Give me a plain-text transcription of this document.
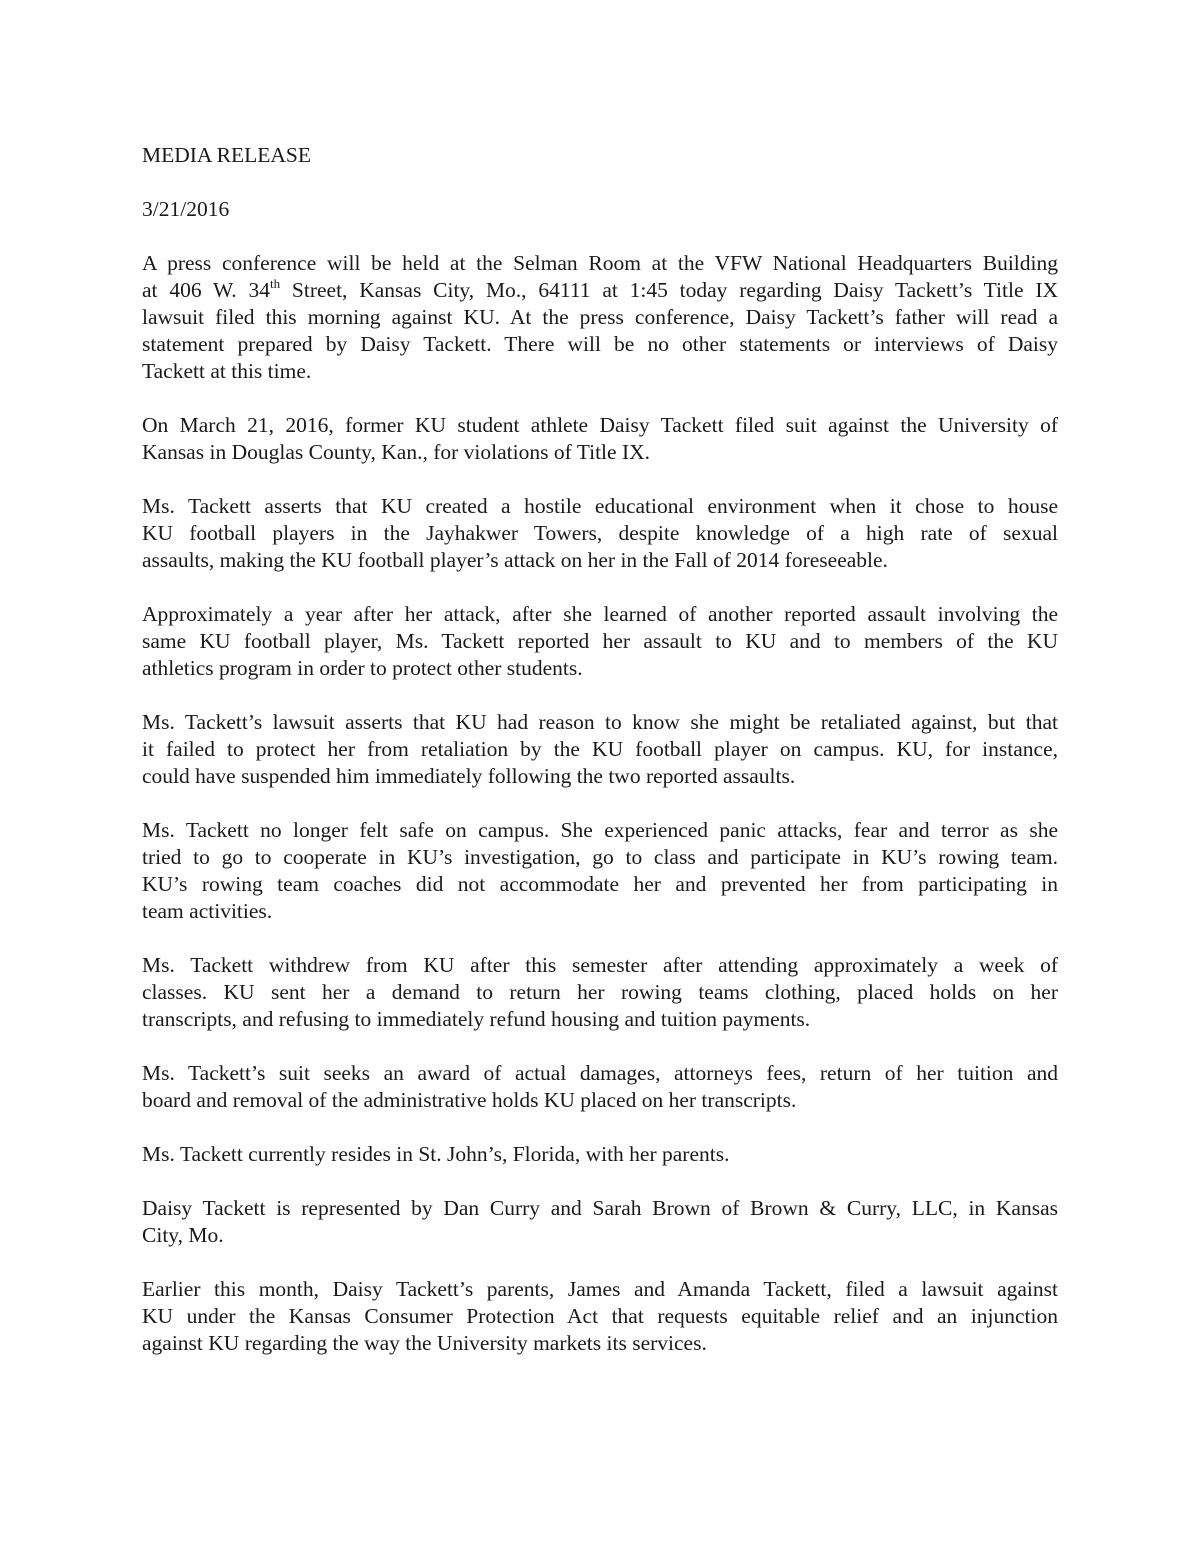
MEDIA RELEASE

3/21/2016

A press conference will be held at the Selman Room at the VFW National Headquarters Building
at 406 W. 34th Street, Kansas City, Mo., 64111 at 1:45 today regarding Daisy Tackett’s Title IX
lawsuit filed this morning against KU. At the press conference, Daisy Tackett’s father will read a
statement prepared by Daisy Tackett. There will be no other statements or interviews of Daisy
Tackett at this time.

On March 21, 2016, former KU student athlete Daisy Tackett filed suit against the University of
Kansas in Douglas County, Kan., for violations of Title IX.

Ms. Tackett asserts that KU created a hostile educational environment when it chose to house
KU football players in the Jayhakwer Towers, despite knowledge of a high rate of sexual
assaults, making the KU football player’s attack on her in the Fall of 2014 foreseeable.

Approximately a year after her attack, after she learned of another reported assault involving the
same KU football player, Ms. Tackett reported her assault to KU and to members of the KU
athletics program in order to protect other students.

Ms. Tackett’s lawsuit asserts that KU had reason to know she might be retaliated against, but that
it failed to protect her from retaliation by the KU football player on campus. KU, for instance,
could have suspended him immediately following the two reported assaults.

Ms. Tackett no longer felt safe on campus. She experienced panic attacks, fear and terror as she
tried to go to cooperate in KU’s investigation, go to class and participate in KU’s rowing team.
KU’s rowing team coaches did not accommodate her and prevented her from participating in
team activities.

Ms. Tackett withdrew from KU after this semester after attending approximately a week of
classes. KU sent her a demand to return her rowing teams clothing, placed holds on her
transcripts, and refusing to immediately refund housing and tuition payments.

Ms. Tackett’s suit seeks an award of actual damages, attorneys fees, return of her tuition and
board and removal of the administrative holds KU placed on her transcripts.

Ms. Tackett currently resides in St. John’s, Florida, with her parents.

Daisy Tackett is represented by Dan Curry and Sarah Brown of Brown & Curry, LLC, in Kansas
City, Mo.

Earlier this month, Daisy Tackett’s parents, James and Amanda Tackett, filed a lawsuit against
KU under the Kansas Consumer Protection Act that requests equitable relief and an injunction
against KU regarding the way the University markets its services.
